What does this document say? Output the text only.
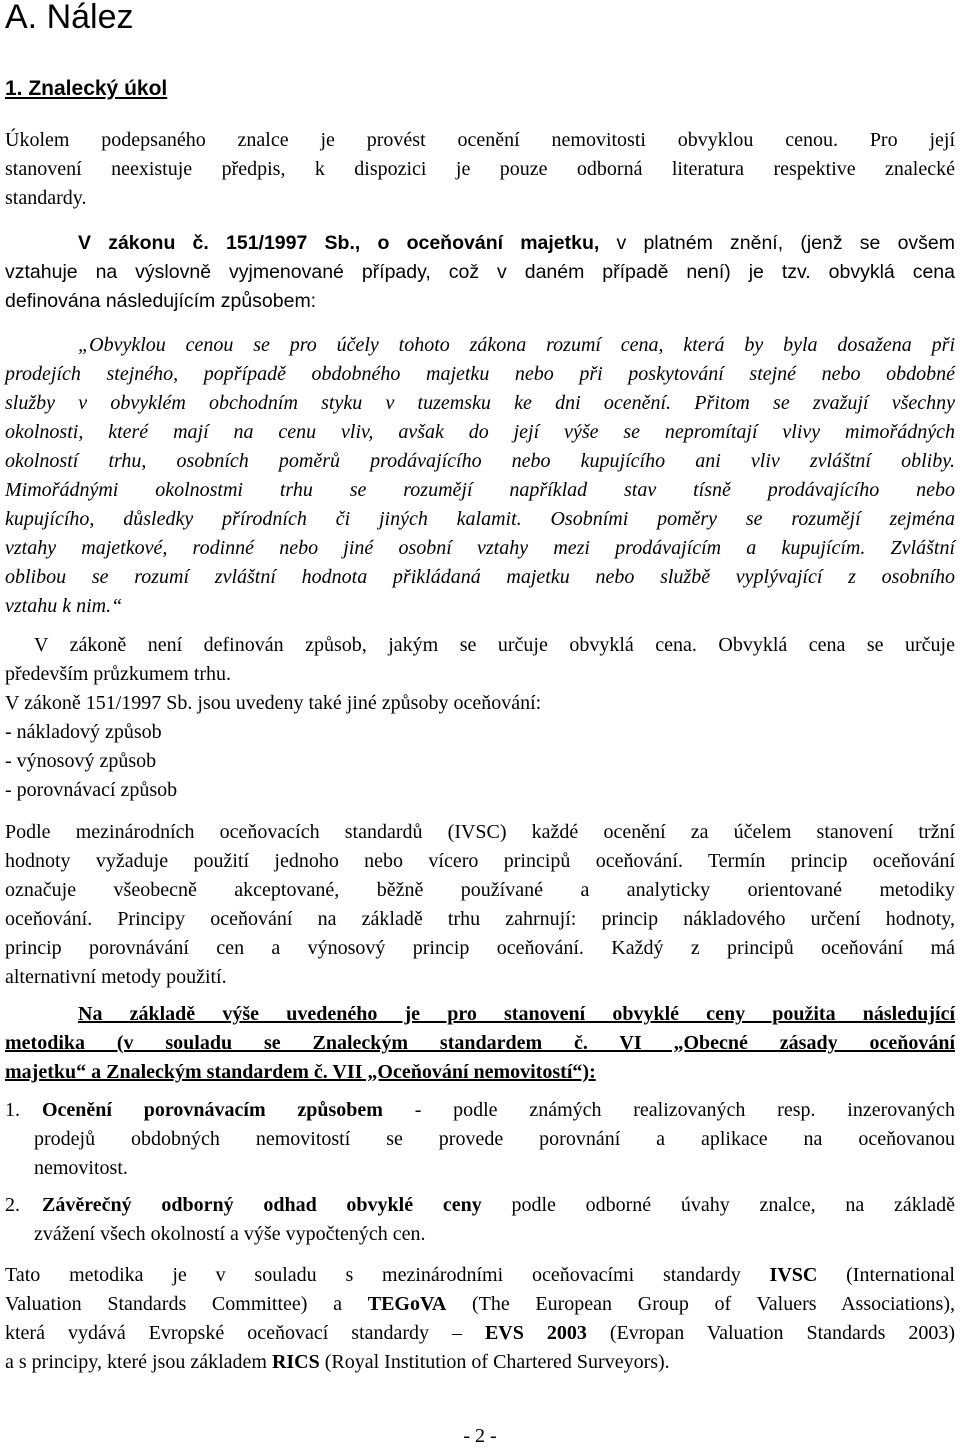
A. Nález
1. Znalecký úkol
Úkolem podepsaného znalce je provést ocenění nemovitosti obvyklou cenou. Pro její
stanovení neexistuje předpis, k dispozici je pouze odborná literatura respektive znalecké
standardy.
V zákonu č. 151/1997 Sb., o oceňování majetku, v platném znění, (jenž se ovšem
vztahuje na výslovně vyjmenované případy, což v daném případě není) je tzv. obvyklá cena
definována následujícím způsobem:
„Obvyklou cenou se pro účely tohoto zákona rozumí cena, která by byla dosažena při
prodejích stejného, popřípadě obdobného majetku nebo při poskytování stejné nebo obdobné
služby v obvyklém obchodním styku v tuzemsku ke dni ocenění. Přitom se zvažují všechny
okolnosti, které mají na cenu vliv, avšak do její výše se nepromítají vlivy mimořádných
okolností trhu, osobních poměrů prodávajícího nebo kupujícího ani vliv zvláštní obliby.
Mimořádnými okolnostmi trhu se rozumějí například stav tísně prodávajícího nebo
kupujícího, důsledky přírodních či jiných kalamit. Osobními poměry se rozumějí zejména
vztahy majetkové, rodinné nebo jiné osobní vztahy mezi prodávajícím a kupujícím. Zvláštní
oblibou se rozumí zvláštní hodnota přikládaná majetku nebo službě vyplývající z osobního
vztahu k nim.“
V zákoně není definován způsob, jakým se určuje obvyklá cena. Obvyklá cena se určuje
především průzkumem trhu.
V zákoně 151/1997 Sb. jsou uvedeny také jiné způsoby oceňování:
- nákladový způsob
- výnosový způsob
- porovnávací způsob
Podle mezinárodních oceňovacích standardů (IVSC) každé ocenění za účelem stanovení tržní
hodnoty vyžaduje použití jednoho nebo vícero principů oceňování. Termín princip oceňování
označuje všeobecně akceptované, běžně používané a analyticky orientované metodiky
oceňování. Principy oceňování na základě trhu zahrnují: princip nákladového určení hodnoty,
princip porovnávání cen a výnosový princip oceňování. Každý z principů oceňování má
alternativní metody použití.
Na základě výše uvedeného je pro stanovení obvyklé ceny použita následující
metodika (v souladu se Znaleckým standardem č. VI „Obecné zásady oceňování
majetku“ a Znaleckým standardem č. VII „Oceňování nemovitostí“):
1. Ocenění porovnávacím způsobem - podle známých realizovaných resp. inzerovaných
prodejů obdobných nemovitostí se provede porovnání a aplikace na oceňovanou
nemovitost.
2. Závěrečný odborný odhad obvyklé ceny podle odborné úvahy znalce, na základě
zvážení všech okolností a výše vypočtených cen.
Tato metodika je v souladu s mezinárodními oceňovacími standardy IVSC (International
Valuation Standards Committee) a TEGoVA (The European Group of Valuers Associations),
která vydává Evropské oceňovací standardy – EVS 2003 (Evropan Valuation Standards 2003)
a s principy, které jsou základem RICS (Royal Institution of Chartered Surveyors).
- 2 -
